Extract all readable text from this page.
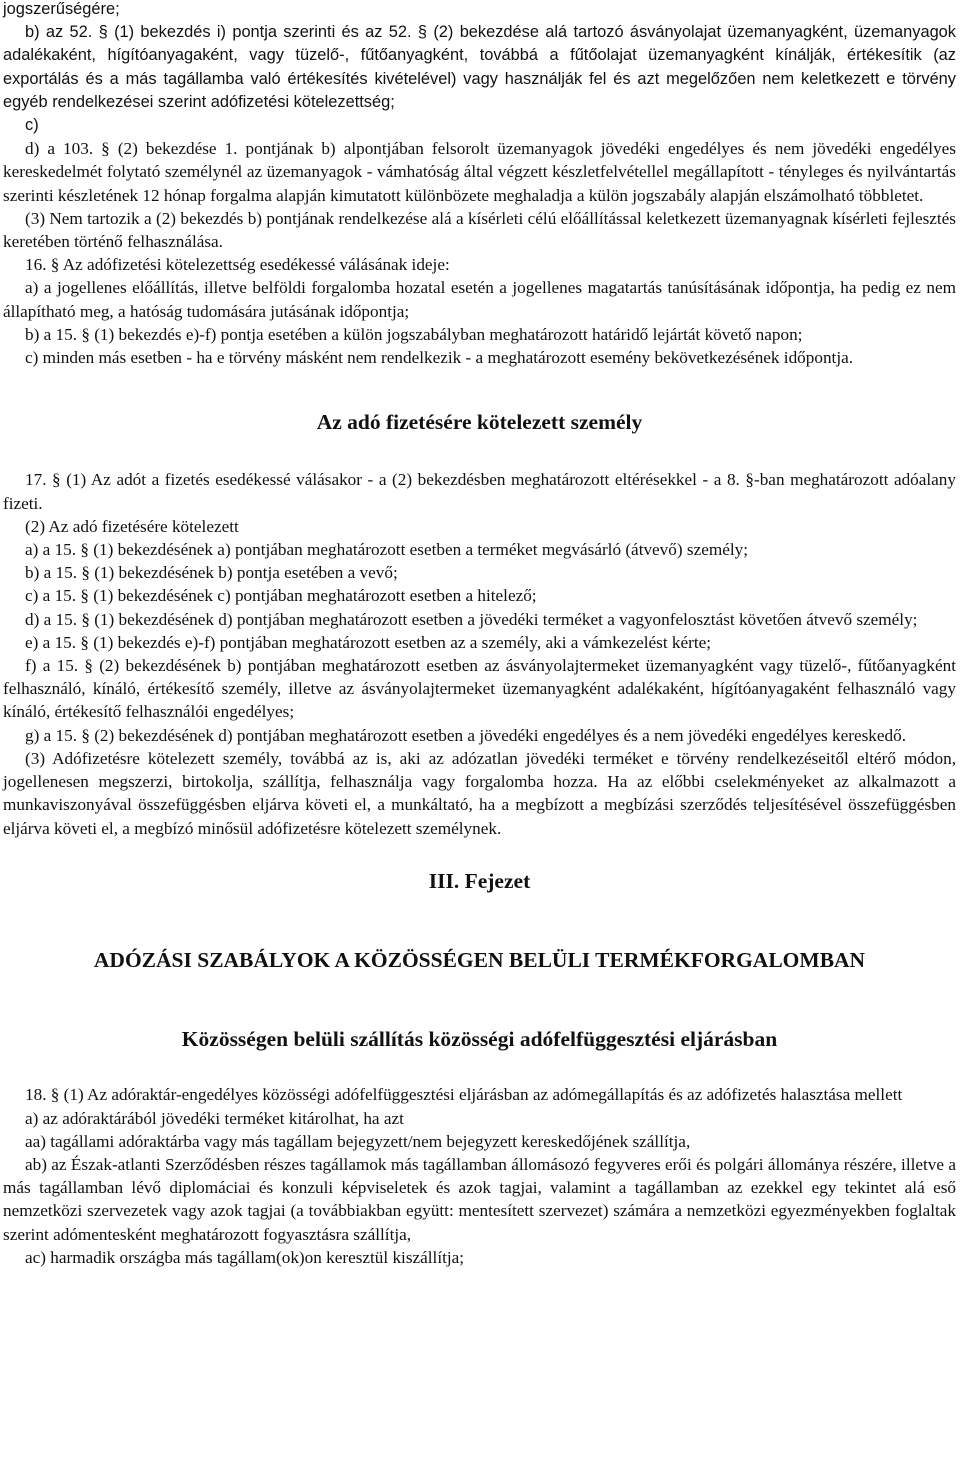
jogszerűségére;

b) az 52. § (1) bekezdés i) pontja szerinti és az 52. § (2) bekezdése alá tartozó ásványolajat üzemanyagként, üzemanyagok adalékaként, hígítóanyagaként, vagy tüzelő-, fűtőanyagként, továbbá a fűtőolajat üzemanyagként kínálják, értékesítik (az exportálás és a más tagállamba való értékesítés kivételével) vagy használják fel és azt megelőzően nem keletkezett e törvény egyéb rendelkezései szerint adófizetési kötelezettség;

c)

d) a 103. § (2) bekezdése 1. pontjának b) alpontjában felsorolt üzemanyagok jövedéki engedélyes és nem jövedéki engedélyes kereskedelmét folytató személynél az üzemanyagok - vámhatóság által végzett készletfelvétellel megállapított - tényleges és nyilvántartás szerinti készletének 12 hónap forgalma alapján kimutatott különbözete meghaladja a külön jogszabály alapján elszámolható többletet.

(3) Nem tartozik a (2) bekezdés b) pontjának rendelkezése alá a kísérleti célú előállítással keletkezett üzemanyagnak kísérleti fejlesztés keretében történő felhasználása.

16. § Az adófizetési kötelezettség esedékessé válásának ideje:

a) a jogellenes előállítás, illetve belföldi forgalomba hozatal esetén a jogellenes magatartás tanúsításának időpontja, ha pedig ez nem állapítható meg, a hatóság tudomására jutásának időpontja;

b) a 15. § (1) bekezdés e)-f) pontja esetében a külön jogszabályban meghatározott határidő lejártát követő napon;

c) minden más esetben - ha e törvény másként nem rendelkezik - a meghatározott esemény bekövetkezésének időpontja.

Az adó fizetésére kötelezett személy

17. § (1) Az adót a fizetés esedékessé válásakor - a (2) bekezdésben meghatározott eltérésekkel - a 8. §-ban meghatározott adóalany fizeti.

(2) Az adó fizetésére kötelezett

a) a 15. § (1) bekezdésének a) pontjában meghatározott esetben a terméket megvásárló (átvevő) személy;

b) a 15. § (1) bekezdésének b) pontja esetében a vevő;

c) a 15. § (1) bekezdésének c) pontjában meghatározott esetben a hitelező;

d) a 15. § (1) bekezdésének d) pontjában meghatározott esetben a jövedéki terméket a vagyonfelosztást követően átvevő személy;

e) a 15. § (1) bekezdés e)-f) pontjában meghatározott esetben az a személy, aki a vámkezelést kérte;

f) a 15. § (2) bekezdésének b) pontjában meghatározott esetben az ásványolajtermeket üzemanyagként vagy tüzelő-, fűtőanyagként felhasználó, kínáló, értékesítő személy, illetve az ásványolajtermeket üzemanyagként adalékaként, hígítóanyagaként felhasználó vagy kínáló, értékesítő felhasználói engedélyes;

g) a 15. § (2) bekezdésének d) pontjában meghatározott esetben a jövedéki engedélyes és a nem jövedéki engedélyes kereskedő.

(3) Adófizetésre kötelezett személy, továbbá az is, aki az adózatlan jövedéki terméket e törvény rendelkezéseitől eltérő módon, jogellenesen megszerzi, birtokolja, szállítja, felhasználja vagy forgalomba hozza. Ha az előbbi cselekményeket az alkalmazott a munkaviszonyával összefüggésben eljárva követi el, a munkáltató, ha a megbízott a megbízási szerződés teljesítésével összefüggésben eljárva követi el, a megbízó minősül adófizetésre kötelezett személynek.

III. Fejezet
ADÓZÁSI SZABÁLYOK A KÖZÖSSÉGEN BELÜLI TERMÉKFORGALOMBAN
Közösségen belüli szállítás közösségi adófelfüggesztési eljárásban

18. § (1) Az adóraktár-engedélyes közösségi adófelfüggesztési eljárásban az adómegállapítás és az adófizetés halasztása mellett

a) az adóraktárából jövedéki terméket kitárolhat, ha azt

aa) tagállami adóraktárba vagy más tagállam bejegyzett/nem bejegyzett kereskedőjének szállítja,

ab) az Észak-atlanti Szerződésben részes tagállamok más tagállamban állomásozó fegyveres erői és polgári állománya részére, illetve a más tagállamban lévő diplomáciai és konzuli képviseletek és azok tagjai, valamint a tagállamban az ezekkel egy tekintet alá eső nemzetközi szervezetek vagy azok tagjai (a továbbiakban együtt: mentesített szervezet) számára a nemzetközi egyezményekben foglaltak szerint adómentesként meghatározott fogyasztásra szállítja,

ac) harmadik országba más tagállam(ok)on keresztül kiszállítja;
